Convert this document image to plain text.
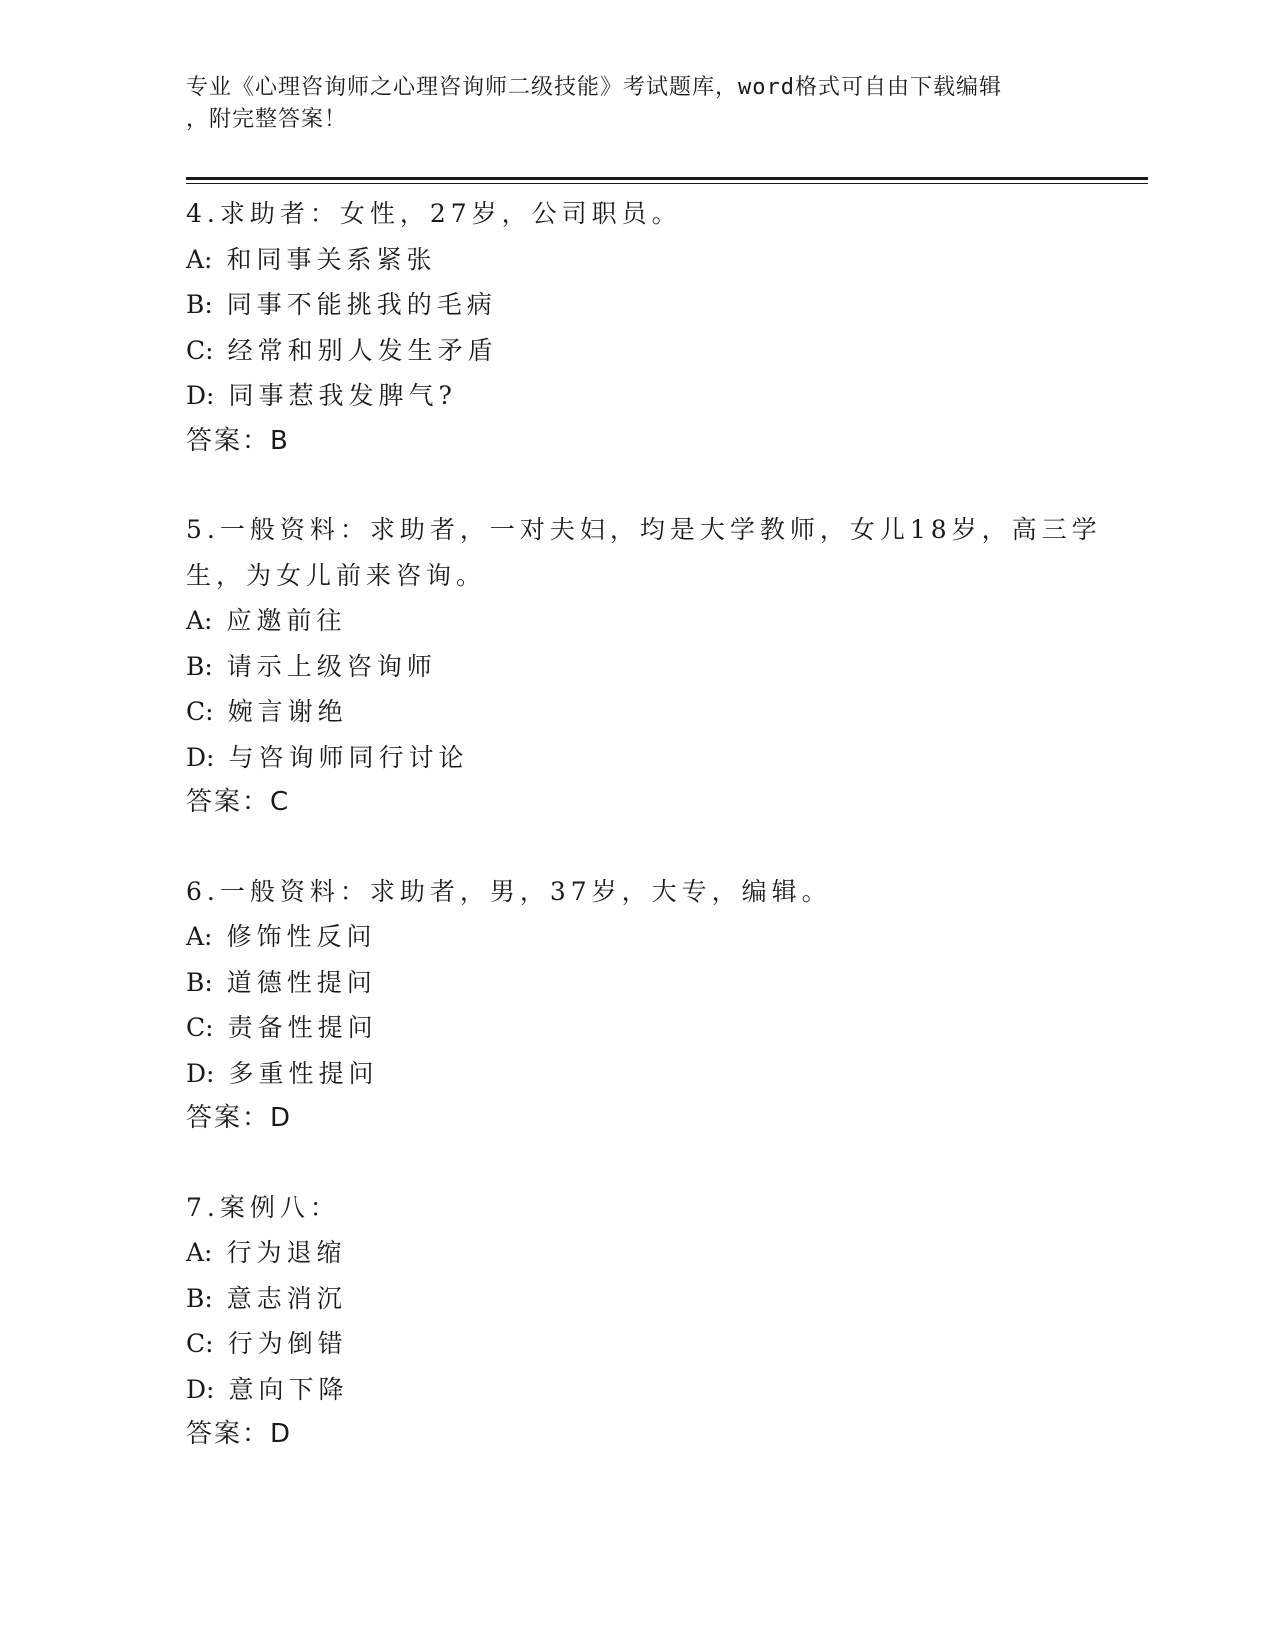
专业《心理咨询师之心理咨询师二级技能》考试题库，word格式可自由下载编辑
，附完整答案！
4.求助者：女性，27岁，公司职员。
A: 和同事关系紧张
B: 同事不能挑我的毛病
C: 经常和别人发生矛盾
D: 同事惹我发脾气?
答案：B
5.一般资料：求助者，一对夫妇，均是大学教师，女儿18岁，高三学
生，为女儿前来咨询。
A: 应邀前往
B: 请示上级咨询师
C: 婉言谢绝
D: 与咨询师同行讨论
答案：C
6.一般资料：求助者，男，37岁，大专，编辑。
A: 修饰性反问
B: 道德性提问
C: 责备性提问
D: 多重性提问
答案：D
7.案例八：
A: 行为退缩
B: 意志消沉
C: 行为倒错
D: 意向下降
答案：D
